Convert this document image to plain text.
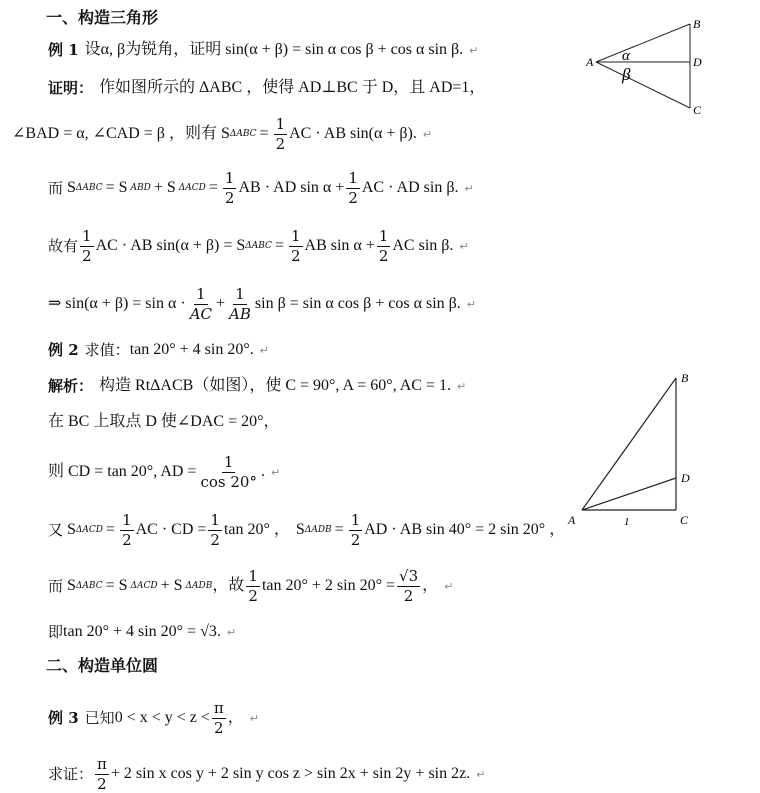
一、构造三角形
例 1 设α, β为锐角，证明 sin(α + β) = sin α cos β + cos α sin β. ↵
证明： 作如图所示的 ΔABC ，使得 AD⊥BC 于 D，且 AD=1，
∠BAD = α, ∠CAD = β ，则有 S $\Delta ABC = \frac{1}{2}$ AC · AB sin(α + β). ↵
而 S ΔABC = S ABD + S $\Delta ACD = \frac{1}{2}$ AB · AD $\sin \alpha + \frac{1}{2}$ AC · AD sin β. ↵
故有 $\frac{1}{2}$ AC · AB sin(α + β) = S $\Delta ABC = \frac{1}{2}$ AB $\sin \alpha + \frac{1}{2}$ AC sin β. ↵
⇒ $\sin(\alpha + \beta) = \sin \alpha \cdot \frac{1}{AC} + \frac{1}{AB}$ sin β = sin α cos β + cos α sin β. ↵
例 2 求值： tan 20° + 4 sin 20°. ↵
解析： 构造 RtΔACB（如图），使 C = 90°, A = 60°, AC = 1. ↵
在 BC 上取点 D 使∠DAC = 20°，
则 CD = tan 20°, AD = $\frac{1}{\cos 20^\circ}$ . ↵
又 S $\Delta ACD = \frac{1}{2}$ AC · CD = $\frac{1}{2}$ tan 20° ， S $\Delta ADB = \frac{1}{2}$ AD · AB sin 40° = 2 sin 20° ，
而 S ΔABC = S ΔACD + S ΔADB ，故 $\frac{1}{2}$ tan 20° + 2 $\sin 20^\circ = \frac{√3}{2}$ ， ↵
即 tan 20° + 4 sin 20° = √3. ↵
二、构造单位圆
例 3 已知 $0 < x < y < z < \frac{\pi}{2}$ ， ↵
求证： $\frac{\pi}{2} + 2$ sin x cos y + 2 sin y cos z > sin 2x + sin 2y + sin 2z. ↵
A
B
C
D
α
β
A
B
C
D
1
